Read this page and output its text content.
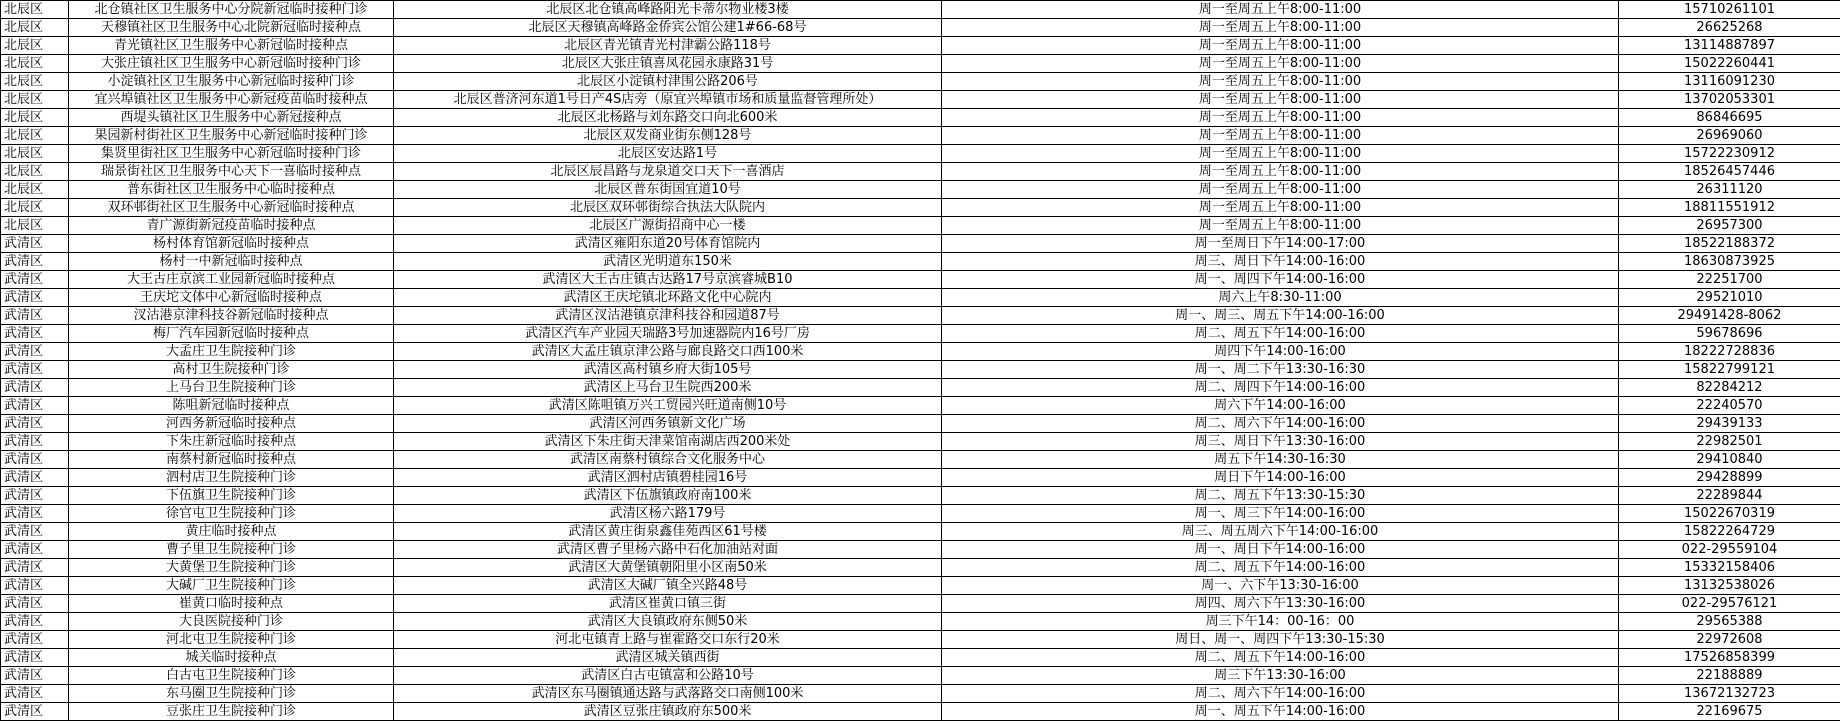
北辰区	北仓镇社区卫生服务中心分院新冠临时接种门诊	北辰区北仓镇高峰路阳光卡蒂尔物业楼3楼	周一至周五上午8:00-11:00	15710261101
北辰区	天穆镇社区卫生服务中心北院新冠临时接种点	北辰区天穆镇高峰路金侨宾公馆公建1#66-68号	周一至周五上午8:00-11:00	26625268
北辰区	青光镇社区卫生服务中心新冠临时接种点	北辰区青光镇青光村津霸公路118号	周一至周五上午8:00-11:00	13114887897
北辰区	大张庄镇社区卫生服务中心新冠临时接种门诊	北辰区大张庄镇喜凤花园永康路31号	周一至周五上午8:00-11:00	15022260441
北辰区	小淀镇社区卫生服务中心新冠临时接种门诊	北辰区小淀镇村津围公路206号	周一至周五上午8:00-11:00	13116091230
北辰区	宜兴埠镇社区卫生服务中心新冠疫苗临时接种点	北辰区普济河东道1号日产4S店旁（原宜兴埠镇市场和质量监督管理所处）	周一至周五上午8:00-11:00	13702053301
北辰区	西堤头镇社区卫生服务中心新冠接种点	北辰区北杨路与刘东路交口向北600米	周一至周五上午8:00-11:00	86846695
北辰区	果园新村街社区卫生服务中心新冠临时接种门诊	北辰区双发商业街东侧128号	周一至周五上午8:00-11:00	26969060
北辰区	集贤里街社区卫生服务中心新冠临时接种门诊	北辰区安达路1号	周一至周五上午8:00-11:00	15722230912
北辰区	瑞景街社区卫生服务中心天下一喜临时接种点	北辰区辰昌路与龙泉道交口天下一喜酒店	周一至周五上午8:00-11:00	18526457446
北辰区	普东街社区卫生服务中心临时接种点	北辰区普东街国宜道10号	周一至周五上午8:00-11:00	26311120
北辰区	双环邨街社区卫生服务中心新冠临时接种点	北辰区双环邨街综合执法大队院内	周一至周五上午8:00-11:00	18811551912
北辰区	青广源街新冠疫苗临时接种点	北辰区广源街招商中心一楼	周一至周五上午8:00-11:00	26957300
武清区	杨村体育馆新冠临时接种点	武清区雍阳东道20号体育馆院内	周一至周日下午14:00-17:00	18522188372
武清区	杨村一中新冠临时接种点	武清区光明道东150米	周三、周日下午14:00-16:00	18630873925
武清区	大王古庄京滨工业园新冠临时接种点	武清区大王古庄镇古达路17号京滨睿城B10	周一、周四下午14:00-16:00	22251700
武清区	王庆坨文体中心新冠临时接种点	武清区王庆坨镇北环路文化中心院内	周六上午8:30-11:00	29521010
武清区	汊沽港京津科技谷新冠临时接种点	武清区汊沽港镇京津科技谷和园道87号	周一、周三、周五下午14:00-16:00	29491428-8062
武清区	梅厂汽车园新冠临时接种点	武清区汽车产业园天瑞路3号加速器院内16号厂房	周二、周五下午14:00-16:00	59678696
武清区	大孟庄卫生院接种门诊	武清区大孟庄镇京津公路与廊良路交口西100米	周四下午14:00-16:00	18222728836
武清区	高村卫生院接种门诊	武清区高村镇乡府大街105号	周一、周二下午13:30-16:30	15822799121
武清区	上马台卫生院接种门诊	武清区上马台卫生院西200米	周二、周四下午14:00-16:00	82284212
武清区	陈咀新冠临时接种点	武清区陈咀镇万兴工贸园兴旺道南侧10号	周六下午14:00-16:00	22240570
武清区	河西务新冠临时接种点	武清区河西务镇新文化广场	周二、周六下午14:00-16:00	29439133
武清区	下朱庄新冠临时接种点	武清区下朱庄街天津菜馆南湖店西200米处	周三、周日下午13:30-16:00	22982501
武清区	南蔡村新冠临时接种点	武清区南蔡村镇综合文化服务中心	周五下午14:30-16:30	29410840
武清区	泗村店卫生院接种门诊	武清区泗村店镇碧桂园16号	周日下午14:00-16:00	29428899
武清区	下伍旗卫生院接种门诊	武清区下伍旗镇政府南100米	周二、周五下午13:30-15:30	22289844
武清区	徐官屯卫生院接种门诊	武清区杨六路179号	周一、周三下午14:00-16:00	15022670319
武清区	黄庄临时接种点	武清区黄庄街泉鑫佳苑西区61号楼	周三、周五周六下午14:00-16:00	15822264729
武清区	曹子里卫生院接种门诊	武清区曹子里杨六路中石化加油站对面	周一、周日下午14:00-16:00	022-29559104
武清区	大黄堡卫生院接种门诊	武清区大黄堡镇朝阳里小区南50米	周二、周五下午14:00-16:00	15332158406
武清区	大碱厂卫生院接种门诊	武清区大碱厂镇全兴路48号	周一、六下午13:30-16:00	13132538026
武清区	崔黄口临时接种点	武清区崔黄口镇三街	周四、周六下午13:30-16:00	022-29576121
武清区	大良医院接种门诊	武清区大良镇政府东侧50米	周三下午14：00-16：00	29565388
武清区	河北屯卫生院接种门诊	河北屯镇青上路与崔霍路交口东行20米	周日、周一、周四下午13:30-15:30	22972608
武清区	城关临时接种点	武清区城关镇西街	周二、周五下午14:00-16:00	17526858399
武清区	白古屯卫生院接种门诊	武清区白古屯镇富和公路10号	周三下午13:30-16:00	22188889
武清区	东马圈卫生院接种门诊	武清区东马圈镇通达路与武落路交口南侧100米	周二、周六下午14:00-16:00	13672132723
武清区	豆张庄卫生院接种门诊	武清区豆张庄镇政府东500米	周一、周五下午14:00-16:00	22169675
